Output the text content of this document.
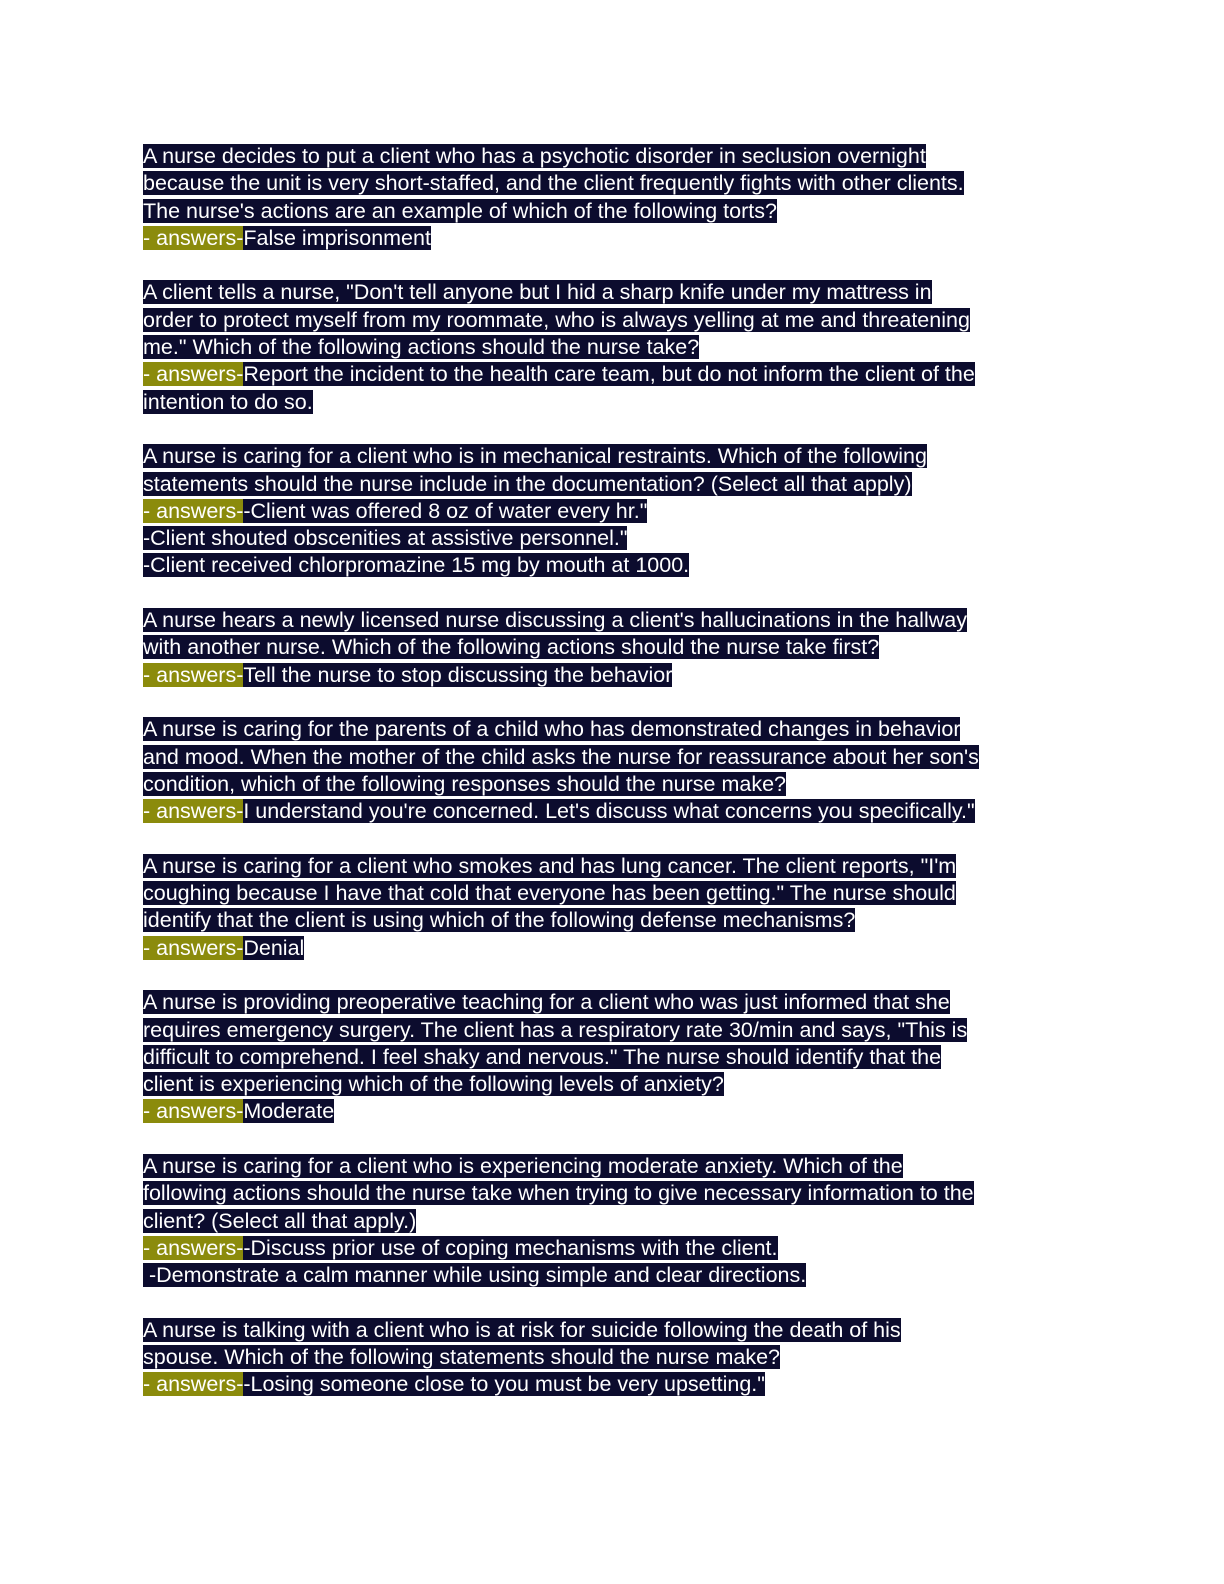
A nurse decides to put a client who has a psychotic disorder in seclusion overnight
because the unit is very short-staffed, and the client frequently fights with other clients.
The nurse's actions are an example of which of the following torts?
- answers-False imprisonment
A client tells a nurse, "Don't tell anyone but I hid a sharp knife under my mattress in
order to protect myself from my roommate, who is always yelling at me and threatening
me." Which of the following actions should the nurse take?
- answers-Report the incident to the health care team, but do not inform the client of the
intention to do so.
A nurse is caring for a client who is in mechanical restraints. Which of the following
statements should the nurse include in the documentation? (Select all that apply)
- answers--Client was offered 8 oz of water every hr."
-Client shouted obscenities at assistive personnel."
-Client received chlorpromazine 15 mg by mouth at 1000.
A nurse hears a newly licensed nurse discussing a client's hallucinations in the hallway
with another nurse. Which of the following actions should the nurse take first?
- answers-Tell the nurse to stop discussing the behavior
A nurse is caring for the parents of a child who has demonstrated changes in behavior
and mood. When the mother of the child asks the nurse for reassurance about her son's
condition, which of the following responses should the nurse make?
- answers-I understand you're concerned. Let's discuss what concerns you specifically."
A nurse is caring for a client who smokes and has lung cancer. The client reports, "I'm
coughing because I have that cold that everyone has been getting." The nurse should
identify that the client is using which of the following defense mechanisms?
- answers-Denial
A nurse is providing preoperative teaching for a client who was just informed that she
requires emergency surgery. The client has a respiratory rate 30/min and says, "This is
difficult to comprehend. I feel shaky and nervous." The nurse should identify that the
client is experiencing which of the following levels of anxiety?
- answers-Moderate
A nurse is caring for a client who is experiencing moderate anxiety. Which of the
following actions should the nurse take when trying to give necessary information to the
client? (Select all that apply.)
- answers--Discuss prior use of coping mechanisms with the client.
-Demonstrate a calm manner while using simple and clear directions.
A nurse is talking with a client who is at risk for suicide following the death of his
spouse. Which of the following statements should the nurse make?
- answers--Losing someone close to you must be very upsetting."
